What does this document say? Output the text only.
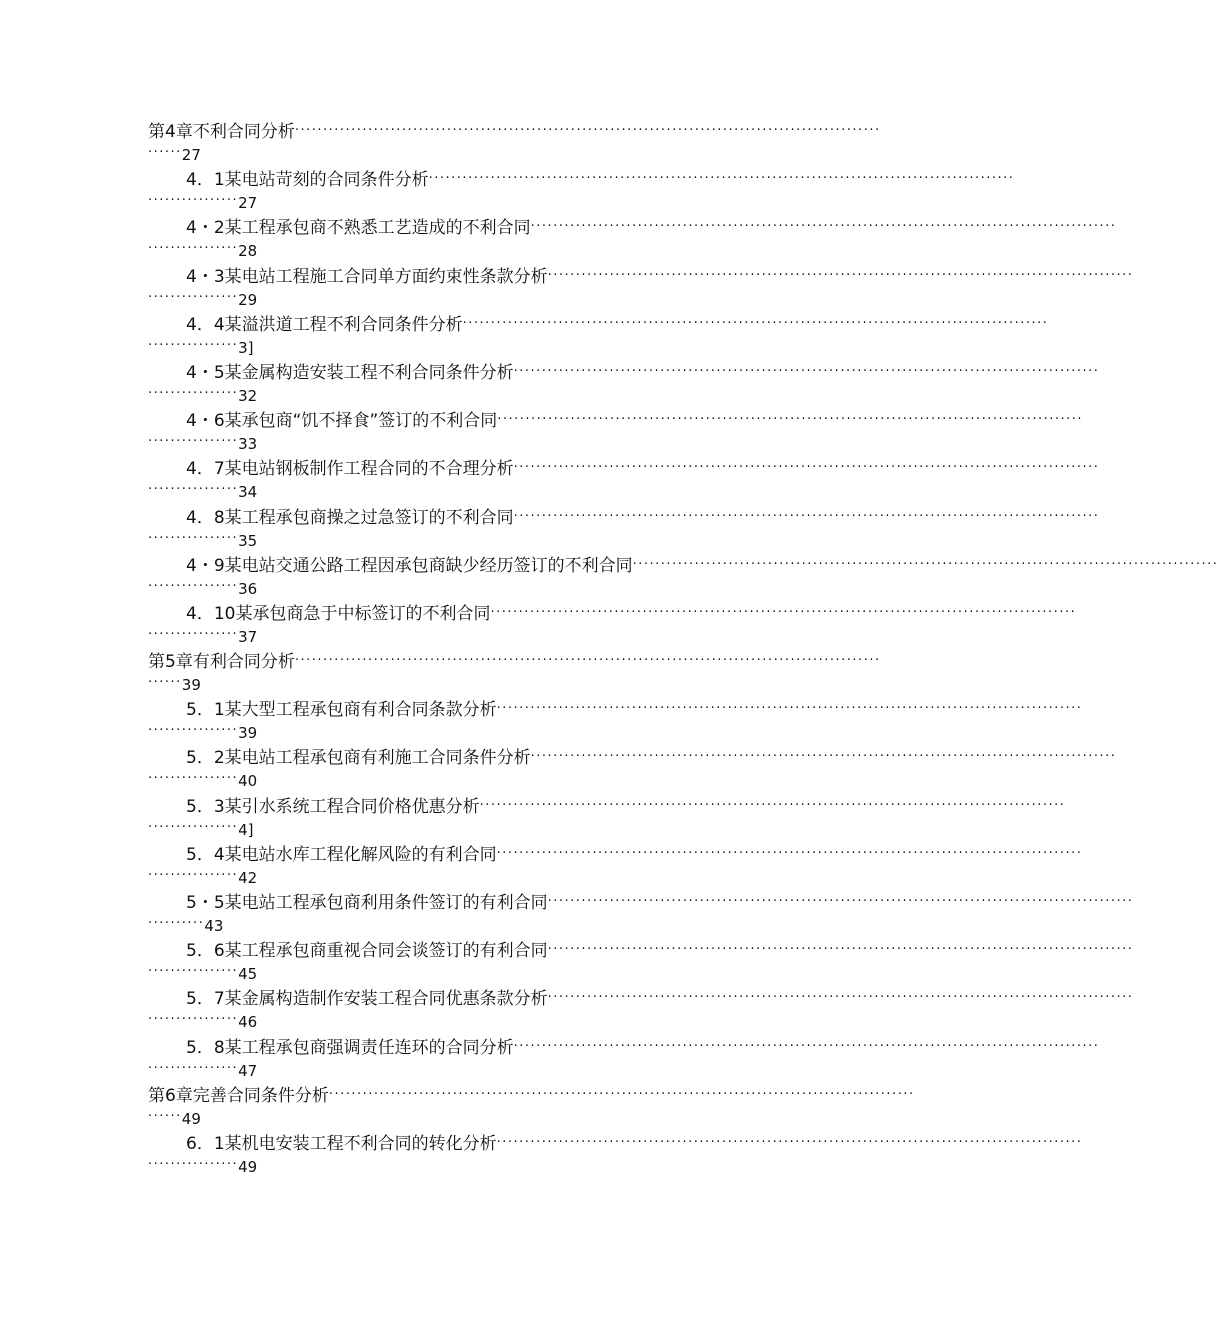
第4章不利合同分析 ········································································································
······ 27
4．1某电站苛刻的合同条件分析 ········································································································
················ 27
4・2某工程承包商不熟悉工艺造成的不利合同 ········································································································
················ 28
4・3某电站工程施工合同单方面约束性条款分析 ········································································································
················ 29
4．4某溢洪道工程不利合同条件分析 ········································································································
················ 3]
4・5某金属构造安装工程不利合同条件分析 ········································································································
················ 32
4・6某承包商“饥不择食”签订的不利合同 ········································································································
················ 33
4．7某电站钢板制作工程合同的不合理分析 ········································································································
················ 34
4．8某工程承包商操之过急签订的不利合同 ········································································································
················ 35
4・9某电站交通公路工程因承包商缺少经历签订的不利合同 ········································································································
················ 36
4．10某承包商急于中标签订的不利合同 ········································································································
················ 37
第5章有利合同分析 ········································································································
······ 39
5．1某大型工程承包商有利合同条款分析 ········································································································
················ 39
5．2某电站工程承包商有利施工合同条件分析 ········································································································
················ 40
5．3某引水系统工程合同价格优惠分析 ········································································································
················ 4]
5．4某电站水库工程化解风险的有利合同 ········································································································
················ 42
5・5某电站工程承包商利用条件签订的有利合同 ········································································································
·········· 43
5．6某工程承包商重视合同会谈签订的有利合同 ········································································································
················ 45
5．7某金属构造制作安装工程合同优惠条款分析 ········································································································
················ 46
5．8某工程承包商强调责任连环的合同分析 ········································································································
················ 47
第6章完善合同条件分析 ········································································································
······ 49
6．1某机电安装工程不利合同的转化分析 ········································································································
················ 49
